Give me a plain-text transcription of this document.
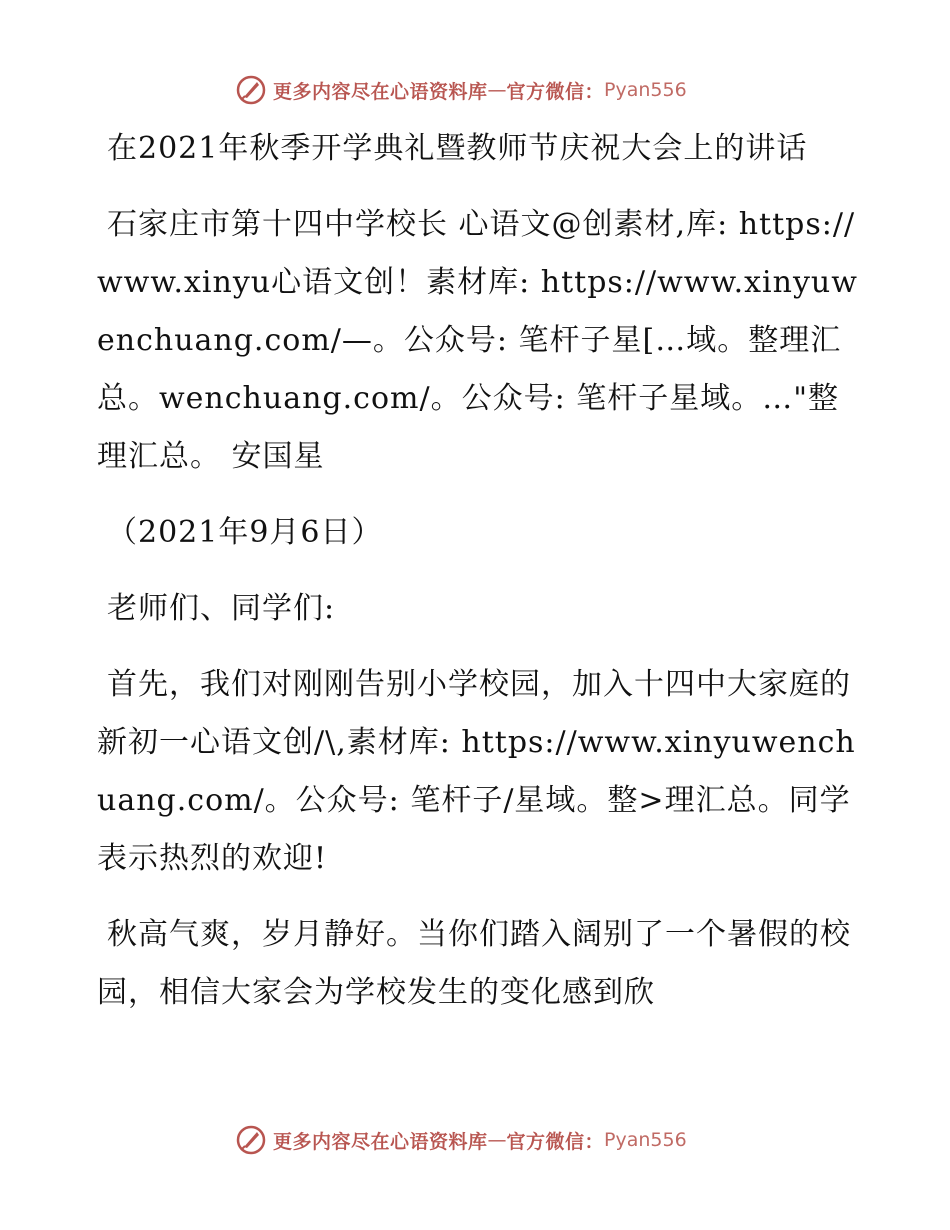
更多内容尽在心语资料库 — 官方微信： Pyan556

在2021年秋季开学典礼暨教师节庆祝大会上的讲话

石家庄市第十四中学校长 心语文@创素材,库: https://www.xinyu心语文创！素材库: https://www.xinyuwenchuang.com/—。公众号: 笔杆子星[…域。整理汇总。wenchuang.com/。公众号: 笔杆子星域。…"整理汇总。 安国星

（2021年9月6日）

老师们、同学们:

首先，我们对刚刚告别小学校园，加入十四中大家庭的新初一心语文创/\,素材库: https://www.xinyuwenchuang.com/。公众号: 笔杆子/星域。整>理汇总。同学表示热烈的欢迎!

秋高气爽，岁月静好。当你们踏入阔别了一个暑假的校园，相信大家会为学校发生的变化感到欣

更多内容尽在心语资料库 — 官方微信： Pyan556
